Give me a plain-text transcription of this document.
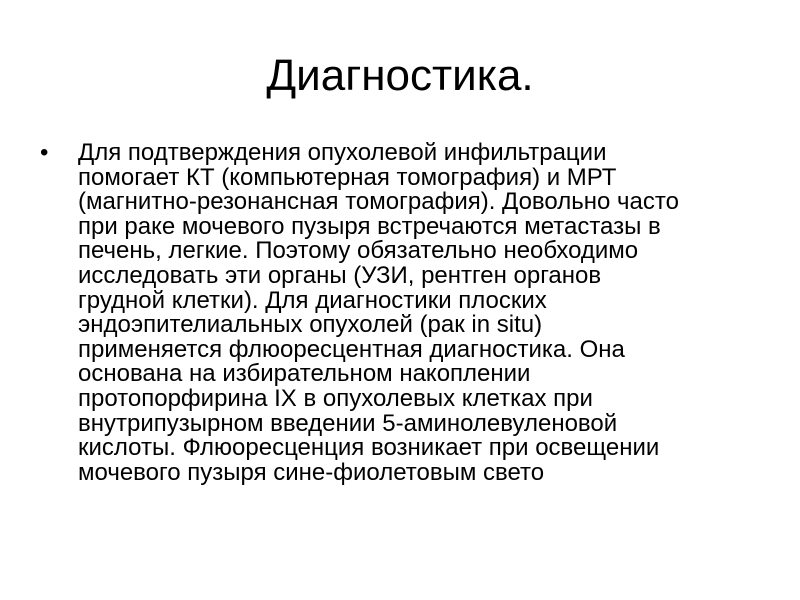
Диагностика.
• Для подтверждения опухолевой инфильтрации
помогает КТ (компьютерная томография) и МРТ
(магнитно-резонансная томография). Довольно часто
при раке мочевого пузыря встречаются метастазы в
печень, легкие. Поэтому обязательно необходимо
исследовать эти органы (УЗИ, рентген органов
грудной клетки). Для диагностики плоских
эндоэпителиальных опухолей (рак in situ)
применяется флюоресцентная диагностика. Она
основана на избирательном накоплении
протопорфирина IX в опухолевых клетках при
внутрипузырном введении 5-аминолевуленовой
кислоты. Флюоресценция возникает при освещении
мочевого пузыря сине-фиолетовым свето
